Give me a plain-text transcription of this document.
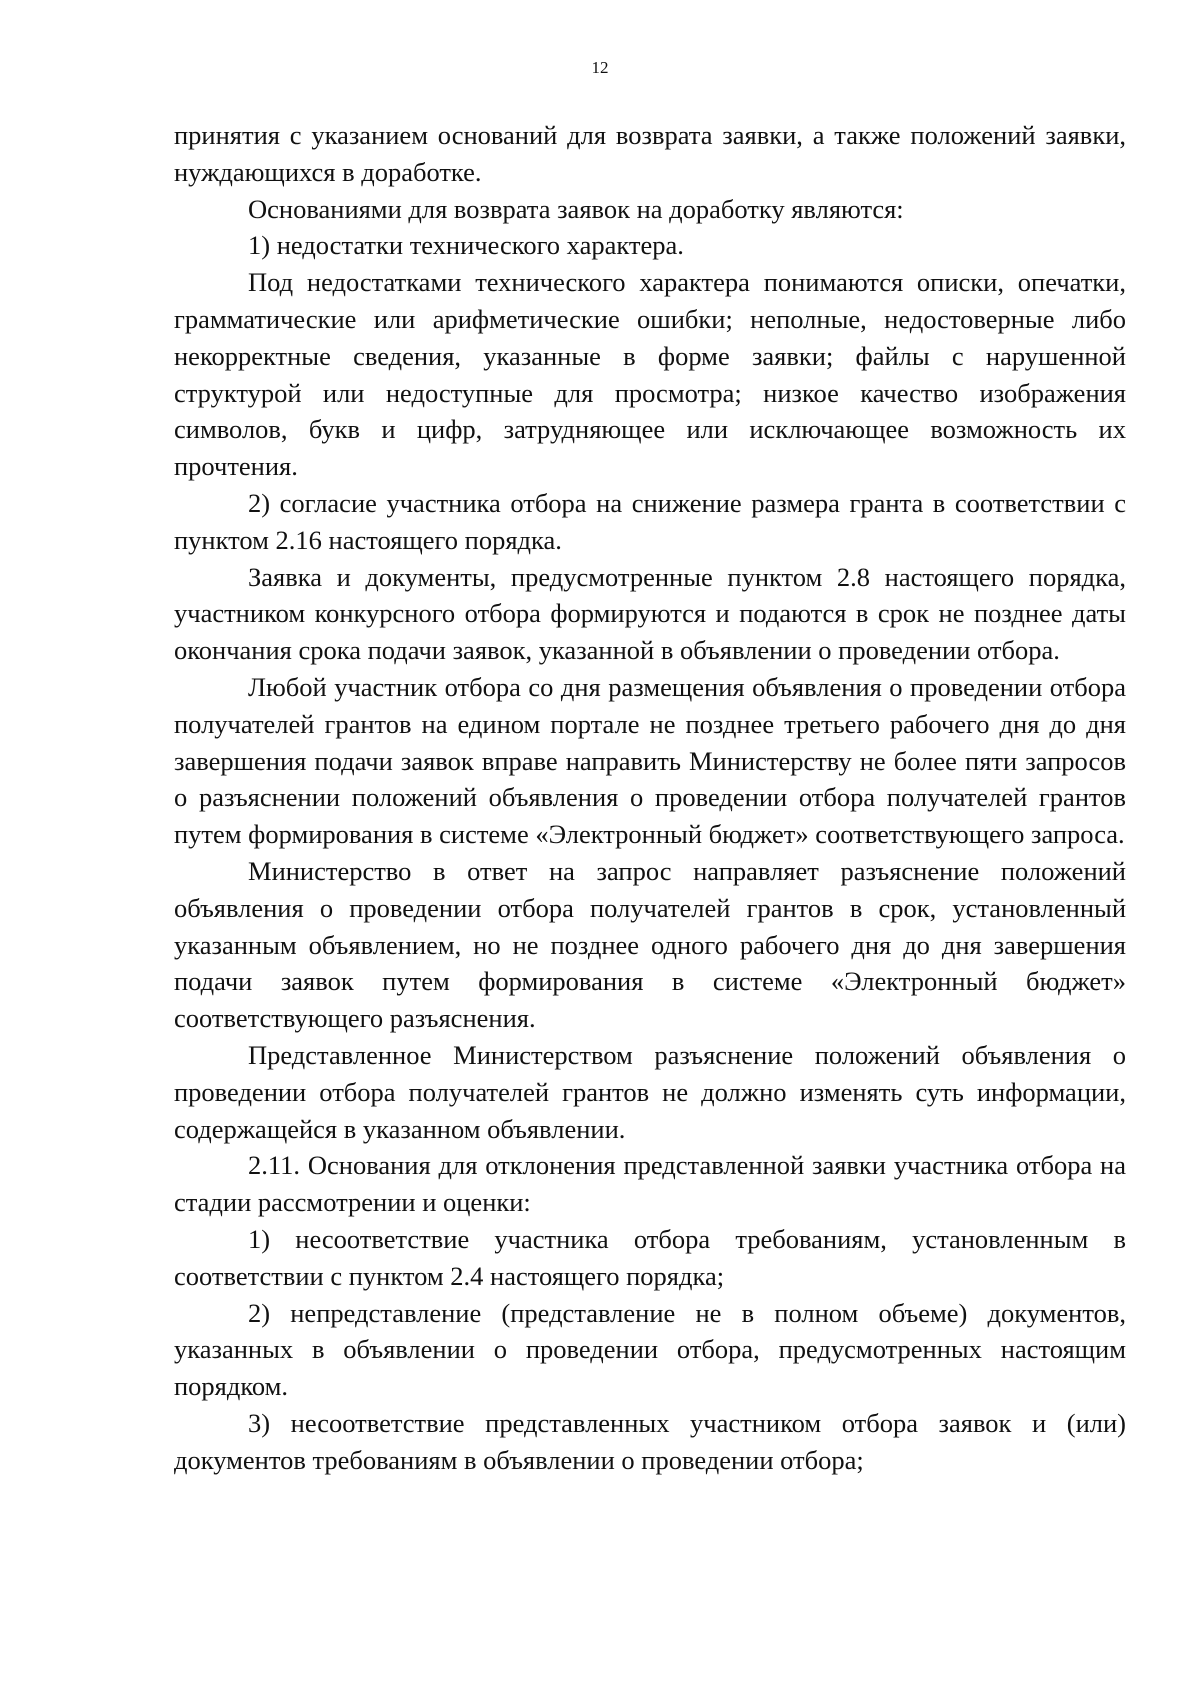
12

принятия с указанием оснований для возврата заявки, а также положений заявки, нуждающихся в доработке.

Основаниями для возврата заявок на доработку являются:

1) недостатки технического характера.

Под недостатками технического характера понимаются описки, опечатки, грамматические или арифметические ошибки; неполные, недостоверные либо некорректные сведения, указанные в форме заявки; файлы с нарушенной структурой или недоступные для просмотра; низкое качество изображения символов, букв и цифр, затрудняющее или исключающее возможность их прочтения.

2) согласие участника отбора на снижение размера гранта в соответствии с пунктом 2.16 настоящего порядка.

Заявка и документы, предусмотренные пунктом 2.8 настоящего порядка, участником конкурсного отбора формируются и подаются в срок не позднее даты окончания срока подачи заявок, указанной в объявлении о проведении отбора.

Любой участник отбора со дня размещения объявления о проведении отбора получателей грантов на едином портале не позднее третьего рабочего дня до дня завершения подачи заявок вправе направить Министерству не более пяти запросов о разъяснении положений объявления о проведении отбора получателей грантов путем формирования в системе «Электронный бюджет» соответствующего запроса.

Министерство в ответ на запрос направляет разъяснение положений объявления о проведении отбора получателей грантов в срок, установленный указанным объявлением, но не позднее одного рабочего дня до дня завершения подачи заявок путем формирования в системе «Электронный бюджет» соответствующего разъяснения.

Представленное Министерством разъяснение положений объявления о проведении отбора получателей грантов не должно изменять суть информации, содержащейся в указанном объявлении.

2.11. Основания для отклонения представленной заявки участника отбора на стадии рассмотрении и оценки:

1) несоответствие участника отбора требованиям, установленным в соответствии с пунктом 2.4 настоящего порядка;

2) непредставление (представление не в полном объеме) документов, указанных в объявлении о проведении отбора, предусмотренных настоящим порядком.

3) несоответствие представленных участником отбора заявок и (или) документов требованиям в объявлении о проведении отбора;
